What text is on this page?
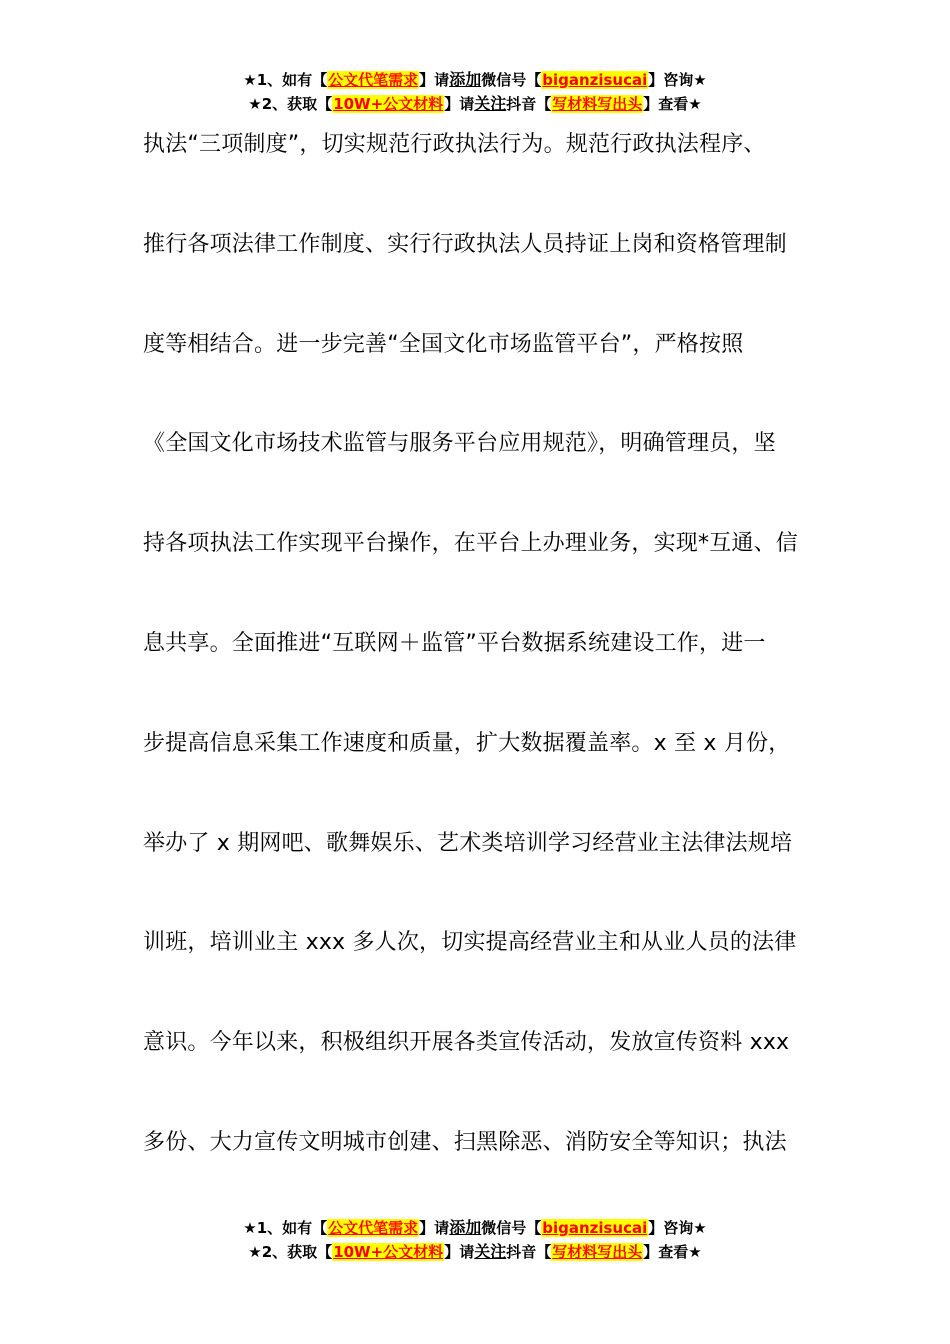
★1、如有【公文代笔需求】请添加微信号【biganzisucai】咨询★
★2、获取【10W+公文材料】请关注抖音【写材料写出头】查看★
执法“三项制度”，切实规范行政执法行为。规范行政执法程序、
推行各项法律工作制度、实行行政执法人员持证上岗和资格管理制
度等相结合。进一步完善“全国文化市场监管平台”，严格按照
《全国文化市场技术监管与服务平台应用规范》，明确管理员，坚
持各项执法工作实现平台操作，在平台上办理业务，实现*互通、信
息共享。全面推进“互联网＋监管”平台数据系统建设工作，进一
步提高信息采集工作速度和质量，扩大数据覆盖率。x 至 x 月份，
举办了 x 期网吧、歌舞娱乐、艺术类培训学习经营业主法律法规培
训班，培训业主 xxx 多人次，切实提高经营业主和从业人员的法律
意识。今年以来，积极组织开展各类宣传活动，发放宣传资料 xxx
多份、大力宣传文明城市创建、扫黑除恶、消防安全等知识；执法
★1、如有【公文代笔需求】请添加微信号【biganzisucai】咨询★
★2、获取【10W+公文材料】请关注抖音【写材料写出头】查看★
